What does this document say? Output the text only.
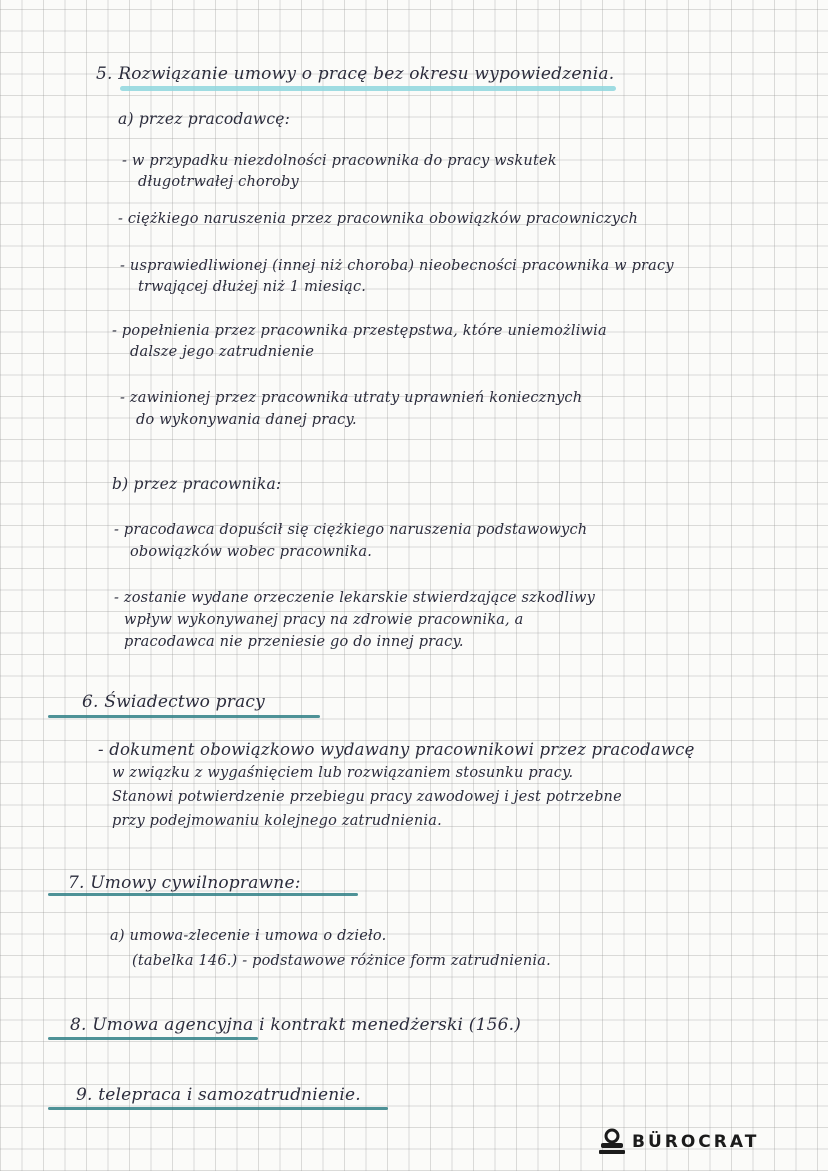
5. Rozwiązanie umowy o pracę bez okresu wypowiedzenia.
a) przez pracodawcę:
- w przypadku niezdolności pracownika do pracy wskutek
długotrwałej choroby
- ciężkiego naruszenia przez pracownika obowiązków pracowniczych
- usprawiedliwionej (innej niż choroba) nieobecności pracownika w pracy
trwającej dłużej niż 1 miesiąc.
- popełnienia przez pracownika przestępstwa, które uniemożliwia
dalsze jego zatrudnienie
- zawinionej przez pracownika utraty uprawnień koniecznych
do wykonywania danej pracy.
b) przez pracownika:
- pracodawca dopuścił się ciężkiego naruszenia podstawowych
obowiązków wobec pracownika.
- zostanie wydane orzeczenie lekarskie stwierdzające szkodliwy
wpływ wykonywanej pracy na zdrowie pracownika, a
pracodawca nie przeniesie go do innej pracy.
6. Świadectwo pracy
- dokument obowiązkowo wydawany pracownikowi przez pracodawcę
w związku z wygaśnięciem lub rozwiązaniem stosunku pracy.
Stanowi potwierdzenie przebiegu pracy zawodowej i jest potrzebne
przy podejmowaniu kolejnego zatrudnienia.
7. Umowy cywilnoprawne:
a) umowa-zlecenie i umowa o dzieło.
(tabelka 146.) - podstawowe różnice form zatrudnienia.
8. Umowa agencyjna i kontrakt menedżerski (156.)
9. telepraca i samozatrudnienie.
BÜROCRAT
